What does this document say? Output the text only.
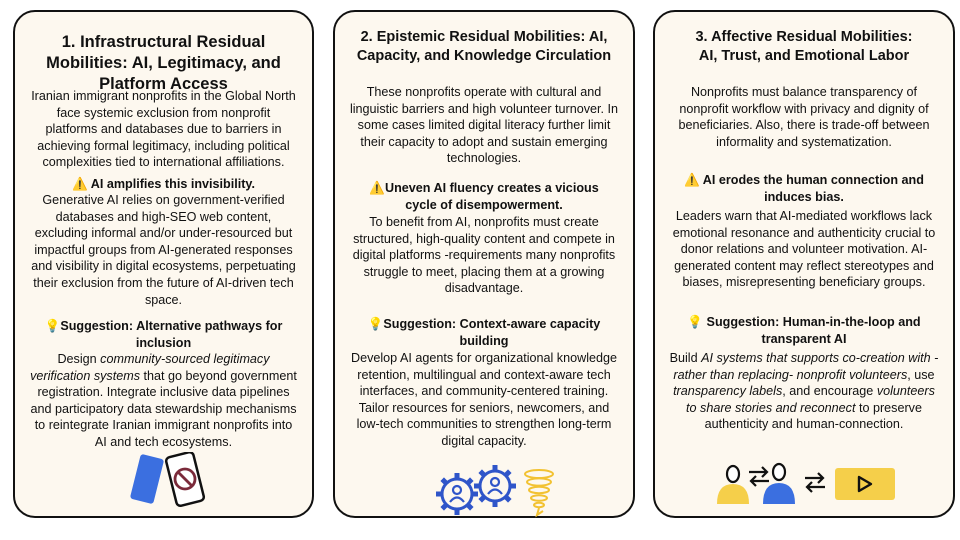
1. Infrastructural Residual Mobilities: AI, Legitimacy, and Platform Access

Iranian immigrant nonprofits in the Global North face systemic exclusion from nonprofit platforms and databases due to barriers in achieving formal legitimacy, including political complexities tied to international affiliations.

⚠️ AI amplifies this invisibility.

Generative AI relies on government-verified databases and high-SEO web content, excluding informal and/or under-resourced but impactful groups from AI-generated responses and visibility in digital ecosystems, perpetuating their exclusion from the future of AI-driven tech space.

💡Suggestion: Alternative pathways for inclusion

Design community-sourced legitimacy verification systems that go beyond government registration. Integrate inclusive data pipelines and participatory data stewardship mechanisms to reintegrate Iranian immigrant nonprofits into AI and tech ecosystems.

2. Epistemic Residual Mobilities: AI, Capacity, and Knowledge Circulation

These nonprofits operate with cultural and linguistic barriers and high volunteer turnover. In some cases limited digital literacy further limit their capacity to adopt and sustain emerging technologies.

⚠️Uneven AI fluency creates a vicious cycle of disempowerment.

To benefit from AI, nonprofits must create structured, high-quality content and compete in digital platforms -requirements many nonprofits struggle to meet, placing them at a growing disadvantage.

💡Suggestion: Context-aware capacity building

Develop AI agents for organizational knowledge retention, multilingual and context-aware tech interfaces, and community-centered training. Tailor resources for seniors, newcomers, and low-tech communities to strengthen long-term digital capacity.

3. Affective Residual Mobilities: AI, Trust, and Emotional Labor

Nonprofits must balance transparency of nonprofit workflow with privacy and dignity of beneficiaries. Also, there is trade-off between informality and systematization.

⚠️ AI erodes the human connection and induces bias.

Leaders warn that AI-mediated workflows lack emotional resonance and authenticity crucial to donor relations and volunteer motivation. AI-generated content may reflect stereotypes and biases, misrepresenting beneficiary groups.

💡 Suggestion: Human-in-the-loop and transparent AI

Build AI systems that supports co-creation with -rather than replacing- nonprofit volunteers, use transparency labels, and encourage volunteers to share stories and reconnect to preserve authenticity and human-connection.
